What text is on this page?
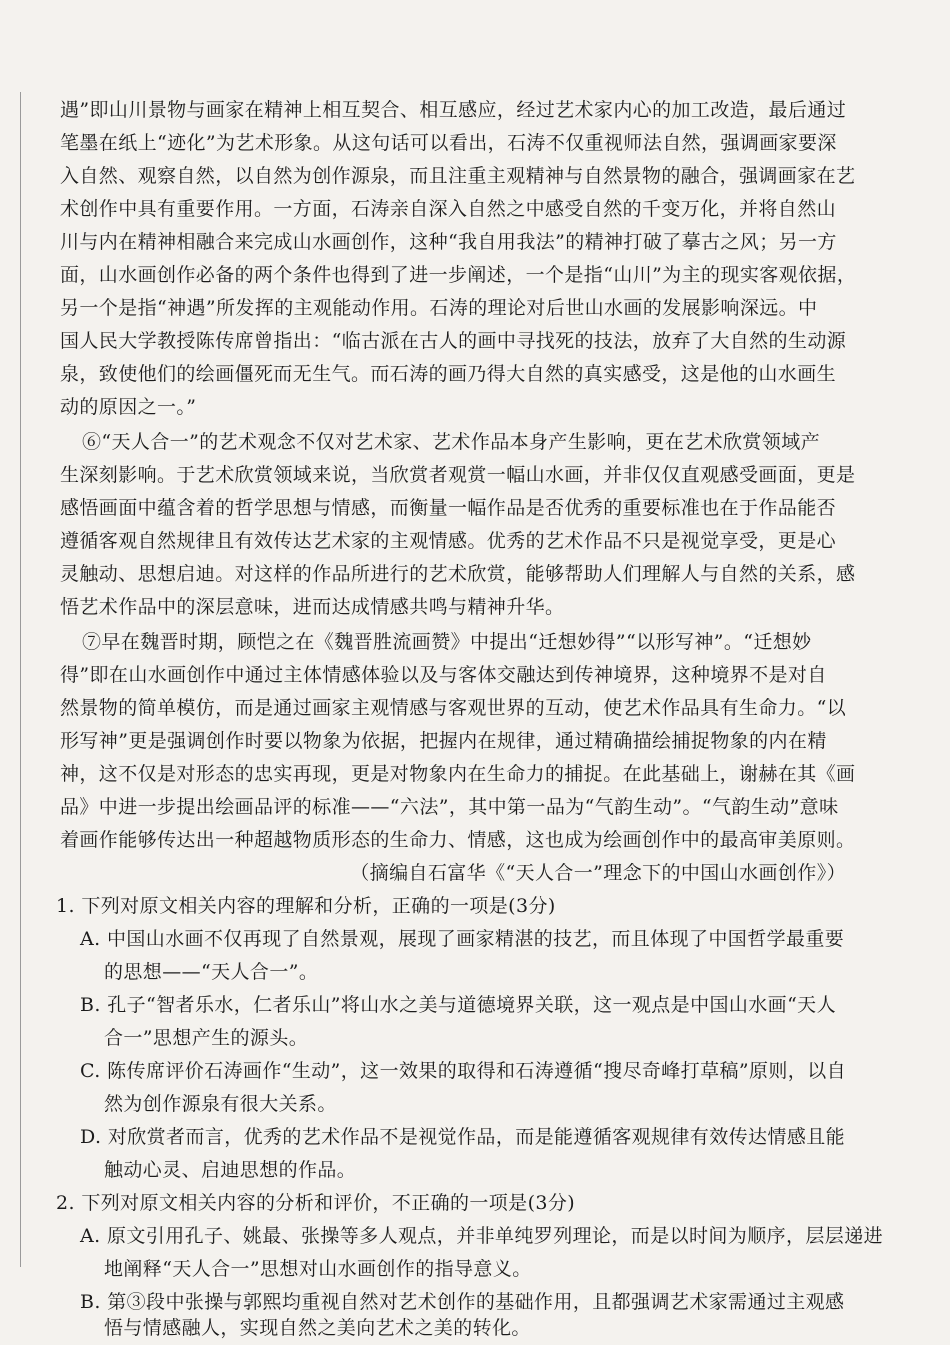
遇”即山川景物与画家在精神上相互契合、相互感应，经过艺术家内心的加工改造，最后通过
笔墨在纸上“迹化”为艺术形象。从这句话可以看出，石涛不仅重视师法自然，强调画家要深
入自然、观察自然，以自然为创作源泉，而且注重主观精神与自然景物的融合，强调画家在艺
术创作中具有重要作用。一方面，石涛亲自深入自然之中感受自然的千变万化，并将自然山
川与内在精神相融合来完成山水画创作，这种“我自用我法”的精神打破了摹古之风；另一方
面，山水画创作必备的两个条件也得到了进一步阐述，一个是指“山川”为主的现实客观依据，
另一个是指“神遇”所发挥的主观能动作用。石涛的理论对后世山水画的发展影响深远。中
国人民大学教授陈传席曾指出：“临古派在古人的画中寻找死的技法，放弃了大自然的生动源
泉，致使他们的绘画僵死而无生气。而石涛的画乃得大自然的真实感受，这是他的山水画生
动的原因之一。”
⑥“天人合一”的艺术观念不仅对艺术家、艺术作品本身产生影响，更在艺术欣赏领域产
生深刻影响。于艺术欣赏领域来说，当欣赏者观赏一幅山水画，并非仅仅直观感受画面，更是
感悟画面中蕴含着的哲学思想与情感，而衡量一幅作品是否优秀的重要标准也在于作品能否
遵循客观自然规律且有效传达艺术家的主观情感。优秀的艺术作品不只是视觉享受，更是心
灵触动、思想启迪。对这样的作品所进行的艺术欣赏，能够帮助人们理解人与自然的关系，感
悟艺术作品中的深层意味，进而达成情感共鸣与精神升华。
⑦早在魏晋时期，顾恺之在《魏晋胜流画赞》中提出“迁想妙得”“以形写神”。“迁想妙
得”即在山水画创作中通过主体情感体验以及与客体交融达到传神境界，这种境界不是对自
然景物的简单模仿，而是通过画家主观情感与客观世界的互动，使艺术作品具有生命力。“以
形写神”更是强调创作时要以物象为依据，把握内在规律，通过精确描绘捕捉物象的内在精
神，这不仅是对形态的忠实再现，更是对物象内在生命力的捕捉。在此基础上，谢赫在其《画
品》中进一步提出绘画品评的标准——“六法”，其中第一品为“气韵生动”。“气韵生动”意味
着画作能够传达出一种超越物质形态的生命力、情感，这也成为绘画创作中的最高审美原则。
（摘编自石富华《“天人合一”理念下的中国山水画创作》）
1. 下列对原文相关内容的理解和分析，正确的一项是(3分)
A. 中国山水画不仅再现了自然景观，展现了画家精湛的技艺，而且体现了中国哲学最重要
的思想——“天人合一”。
B. 孔子“智者乐水，仁者乐山”将山水之美与道德境界关联，这一观点是中国山水画“天人
合一”思想产生的源头。
C. 陈传席评价石涛画作“生动”，这一效果的取得和石涛遵循“搜尽奇峰打草稿”原则，以自
然为创作源泉有很大关系。
D. 对欣赏者而言，优秀的艺术作品不是视觉作品，而是能遵循客观规律有效传达情感且能
触动心灵、启迪思想的作品。
2. 下列对原文相关内容的分析和评价，不正确的一项是(3分)
A. 原文引用孔子、姚最、张操等多人观点，并非单纯罗列理论，而是以时间为顺序，层层递进
地阐释“天人合一”思想对山水画创作的指导意义。
B. 第③段中张操与郭熙均重视自然对艺术创作的基础作用，且都强调艺术家需通过主观感
悟与情感融人，实现自然之美向艺术之美的转化。
